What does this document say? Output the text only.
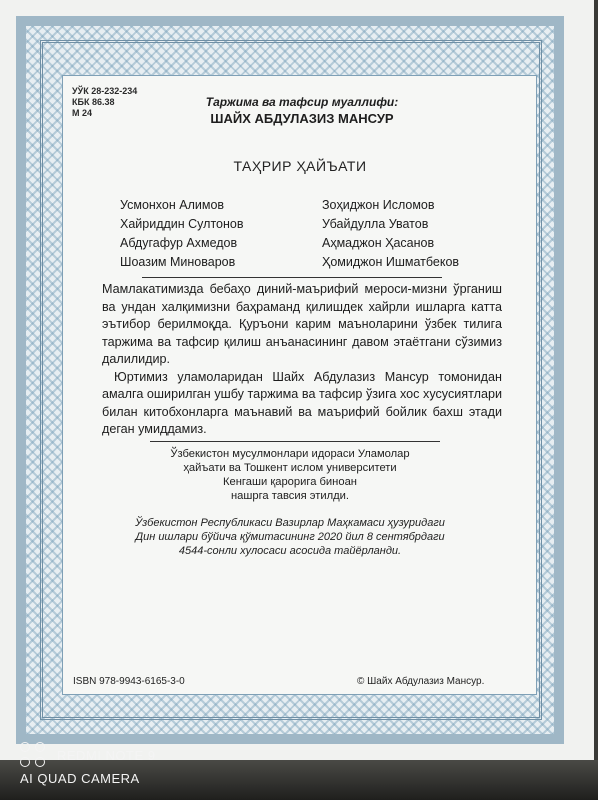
УЎК 28-232-234
КБК 86.38
М 24
Таржима ва тафсир муаллифи:
ШАЙХ АБДУЛАЗИЗ МАНСУР
ТАҲРИР ҲАЙЪАТИ
Усмонхон Алимов
Хайриддин Султонов
Абдугафур Ахмедов
Шоазим Миноваров
Зоҳиджон Исломов
Убайдулла Уватов
Аҳмаджон Ҳасанов
Ҳомиджон Ишматбеков

Мамлакатимизда бебаҳо диний-маърифий мероси-мизни ўрганиш ва ундан халқимизни баҳраманд қилишдек хайрли ишларга катта эътибор берилмоқда. Қуръони карим маъноларини ўзбек тилига таржима ва тафсир қилиш анъанасининг давом этаётгани сўзимиз далилидир.

Юртимиз уламоларидан Шайх Абдулазиз Мансур томонидан амалга оширилган ушбу таржима ва тафсир ўзига хос хусусиятлари билан китобхонларга маънавий ва маърифий бойлик бахш этади деган умиддамиз.

Ўзбекистон мусулмонлари идораси Уламолар
ҳайъати ва Тошкент ислом университети
Кенгаши қарорига биноан
нашрга тавсия этилди.
Ўзбекистон Республикаси Вазирлар Маҳкамаси ҳузуридаги
Дин ишлари бўйича қўмитасининг 2020 йил 8 сентябрдаги
4544-сонли хулосаси асосида тайёрланди.
ISBN 978-9943-6165-3-0	© Шайх Абдулазиз Мансур.
REDMI NOTE 9
AI QUAD CAMERA
